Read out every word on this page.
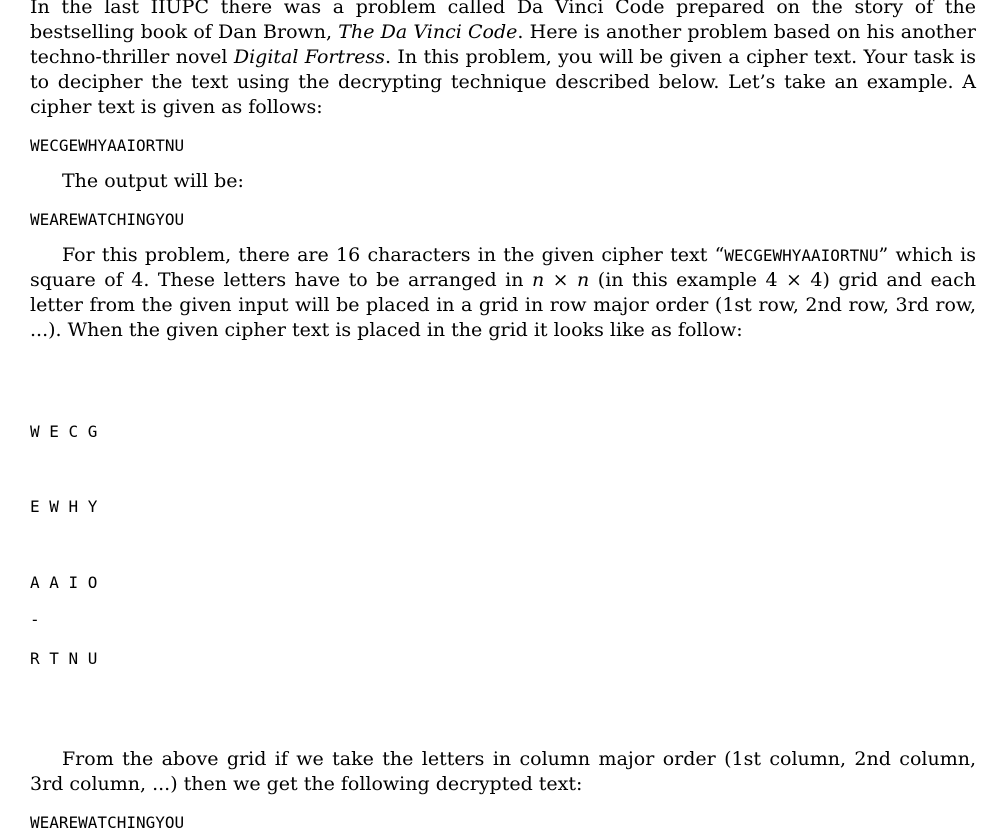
In the last IIUPC there was a problem called Da Vinci Code prepared on the story of the bestselling book of Dan Brown, The Da Vinci Code. Here is another problem based on his another techno-thriller novel Digital Fortress. In this problem, you will be given a cipher text. Your task is to decipher the text using the decrypting technique described below. Let’s take an example. A cipher text is given as follows:

WECGEWHYAAIORTNU

The output will be:

WEAREWATCHINGYOU

For this problem, there are 16 characters in the given cipher text “WECGEWHYAAIORTNU” which is square of 4. These letters have to be arranged in n × n (in this example 4 × 4) grid and each letter from the given input will be placed in a grid in row major order (1st row, 2nd row, 3rd row, ...). When the given cipher text is placed in the grid it looks like as follow:

W E C G

E W H Y

A A I O

R T N U

From the above grid if we take the letters in column major order (1st column, 2nd column, 3rd column, ...) then we get the following decrypted text:

WEAREWATCHINGYOU
-
